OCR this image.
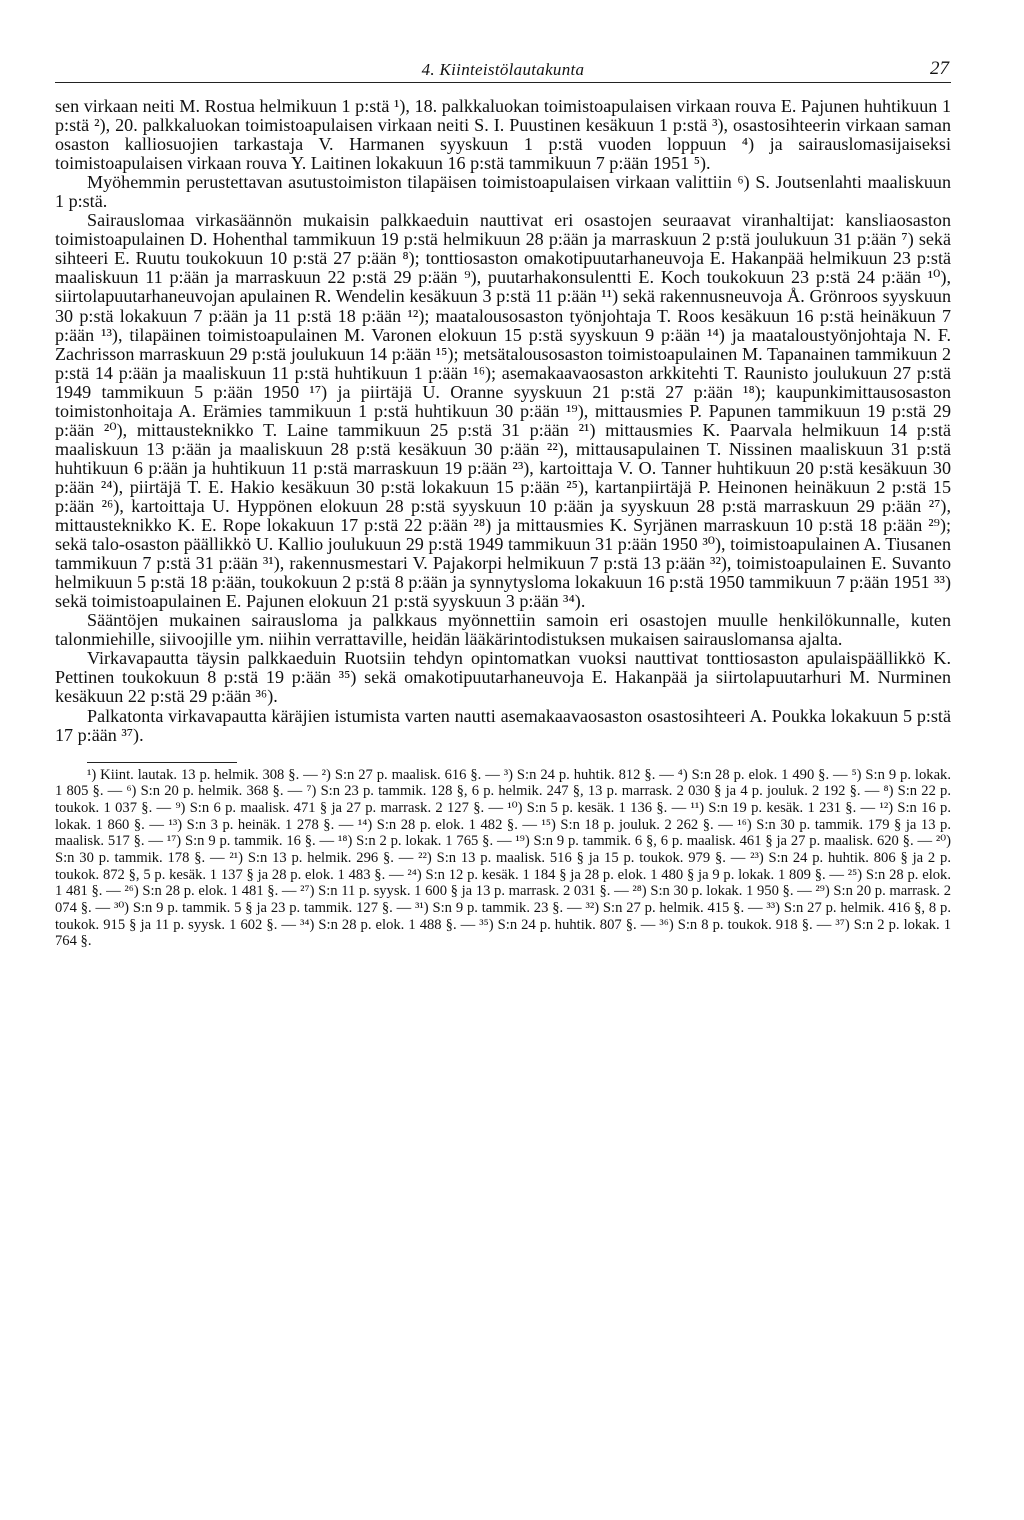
4. Kiinteistölautakunta	27

sen virkaan neiti M. Rostua helmikuun 1 p:stä ¹), 18. palkkaluokan toimistoapulaisen virkaan rouva E. Pajunen huhtikuun 1 p:stä ²), 20. palkkaluokan toimistoapulaisen virkaan neiti S. I. Puustinen kesäkuun 1 p:stä ³), osastosihteerin virkaan saman osaston kalliosuojien tarkastaja V. Harmanen syyskuun 1 p:stä vuoden loppuun ⁴) ja sairauslomasijaiseksi toimistoapulaisen virkaan rouva Y. Laitinen lokakuun 16 p:stä tammikuun 7 p:ään 1951 ⁵).

Myöhemmin perustettavan asutustoimiston tilapäisen toimistoapulaisen virkaan valittiin ⁶) S. Joutsenlahti maaliskuun 1 p:stä.

Sairauslomaa virkasäännön mukaisin palkkaeduin nauttivat eri osastojen seuraavat viranhaltijat: kansliaosaston toimistoapulainen D. Hohenthal tammikuun 19 p:stä helmikuun 28 p:ään ja marraskuun 2 p:stä joulukuun 31 p:ään ⁷) sekä sihteeri E. Ruutu toukokuun 10 p:stä 27 p:ään ⁸); tonttiosaston omakotipuutarhaneuvoja E. Hakanpää helmikuun 23 p:stä maaliskuun 11 p:ään ja marraskuun 22 p:stä 29 p:ään ⁹), puutarhakonsulentti E. Koch toukokuun 23 p:stä 24 p:ään ¹⁰), siirtolapuutarhaneuvojan apulainen R. Wendelin kesäkuun 3 p:stä 11 p:ään ¹¹) sekä rakennusneuvoja Å. Grönroos syyskuun 30 p:stä lokakuun 7 p:ään ja 11 p:stä 18 p:ään ¹²); maatalousosaston työnjohtaja T. Roos kesäkuun 16 p:stä heinäkuun 7 p:ään ¹³), tilapäinen toimistoapulainen M. Varonen elokuun 15 p:stä syyskuun 9 p:ään ¹⁴) ja maataloustyönjohtaja N. F. Zachrisson marraskuun 29 p:stä joulukuun 14 p:ään ¹⁵); metsätalousosaston toimistoapulainen M. Tapanainen tammikuun 2 p:stä 14 p:ään ja maaliskuun 11 p:stä huhtikuun 1 p:ään ¹⁶); asemakaavaosaston arkkitehti T. Raunisto joulukuun 27 p:stä 1949 tammikuun 5 p:ään 1950 ¹⁷) ja piirtäjä U. Oranne syyskuun 21 p:stä 27 p:ään ¹⁸); kaupunkimittausosaston toimistonhoitaja A. Erämies tammikuun 1 p:stä huhtikuun 30 p:ään ¹⁹), mittausmies P. Papunen tammikuun 19 p:stä 29 p:ään ²⁰), mittausteknikko T. Laine tammikuun 25 p:stä 31 p:ään ²¹) mittausmies K. Paarvala helmikuun 14 p:stä maaliskuun 13 p:ään ja maaliskuun 28 p:stä kesäkuun 30 p:ään ²²), mittausapulainen T. Nissinen maaliskuun 31 p:stä huhtikuun 6 p:ään ja huhtikuun 11 p:stä marraskuun 19 p:ään ²³), kartoittaja V. O. Tanner huhtikuun 20 p:stä kesäkuun 30 p:ään ²⁴), piirtäjä T. E. Hakio kesäkuun 30 p:stä lokakuun 15 p:ään ²⁵), kartanpiirtäjä P. Heinonen heinäkuun 2 p:stä 15 p:ään ²⁶), kartoittaja U. Hyppönen elokuun 28 p:stä syyskuun 10 p:ään ja syyskuun 28 p:stä marraskuun 29 p:ään ²⁷), mittausteknikko K. E. Rope lokakuun 17 p:stä 22 p:ään ²⁸) ja mittausmies K. Syrjänen marraskuun 10 p:stä 18 p:ään ²⁹); sekä talo-osaston päällikkö U. Kallio joulukuun 29 p:stä 1949 tammikuun 31 p:ään 1950 ³⁰), toimistoapulainen A. Tiusanen tammikuun 7 p:stä 31 p:ään ³¹), rakennusmestari V. Pajakorpi helmikuun 7 p:stä 13 p:ään ³²), toimistoapulainen E. Suvanto helmikuun 5 p:stä 18 p:ään, toukokuun 2 p:stä 8 p:ään ja synnytysloma lokakuun 16 p:stä 1950 tammikuun 7 p:ään 1951 ³³) sekä toimistoapulainen E. Pajunen elokuun 21 p:stä syyskuun 3 p:ään ³⁴).

Sääntöjen mukainen sairausloma ja palkkaus myönnettiin samoin eri osastojen muulle henkilökunnalle, kuten talonmiehille, siivoojille ym. niihin verrattaville, heidän lääkärintodistuksen mukaisen sairauslomansa ajalta.

Virkavapautta täysin palkkaeduin Ruotsiin tehdyn opintomatkan vuoksi nauttivat tonttiosaston apulaispäällikkö K. Pettinen toukokuun 8 p:stä 19 p:ään ³⁵) sekä omakotipuutarhaneuvoja E. Hakanpää ja siirtolapuutarhuri M. Nurminen kesäkuun 22 p:stä 29 p:ään ³⁶).

Palkatonta virkavapautta käräjien istumista varten nautti asemakaavaosaston osastosihteeri A. Poukka lokakuun 5 p:stä 17 p:ään ³⁷).

¹) Kiint. lautak. 13 p. helmik. 308 §. — ²) S:n 27 p. maalisk. 616 §. — ³) S:n 24 p. huhtik. 812 §. — ⁴) S:n 28 p. elok. 1 490 §. — ⁵) S:n 9 p. lokak. 1 805 §. — ⁶) S:n 20 p. helmik. 368 §. — ⁷) S:n 23 p. tammik. 128 §, 6 p. helmik. 247 §, 13 p. marrask. 2 030 § ja 4 p. jouluk. 2 192 §. — ⁸) S:n 22 p. toukok. 1 037 §. — ⁹) S:n 6 p. maalisk. 471 § ja 27 p. marrask. 2 127 §. — ¹⁰) S:n 5 p. kesäk. 1 136 §. — ¹¹) S:n 19 p. kesäk. 1 231 §. — ¹²) S:n 16 p. lokak. 1 860 §. — ¹³) S:n 3 p. heinäk. 1 278 §. — ¹⁴) S:n 28 p. elok. 1 482 §. — ¹⁵) S:n 18 p. jouluk. 2 262 §. — ¹⁶) S:n 30 p. tammik. 179 § ja 13 p. maalisk. 517 §. — ¹⁷) S:n 9 p. tammik. 16 §. — ¹⁸) S:n 2 p. lokak. 1 765 §. — ¹⁹) S:n 9 p. tammik. 6 §, 6 p. maalisk. 461 § ja 27 p. maalisk. 620 §. — ²⁰) S:n 30 p. tammik. 178 §. — ²¹) S:n 13 p. helmik. 296 §. — ²²) S:n 13 p. maalisk. 516 § ja 15 p. toukok. 979 §. — ²³) S:n 24 p. huhtik. 806 § ja 2 p. toukok. 872 §, 5 p. kesäk. 1 137 § ja 28 p. elok. 1 483 §. — ²⁴) S:n 12 p. kesäk. 1 184 § ja 28 p. elok. 1 480 § ja 9 p. lokak. 1 809 §. — ²⁵) S:n 28 p. elok. 1 481 §. — ²⁶) S:n 28 p. elok. 1 481 §. — ²⁷) S:n 11 p. syysk. 1 600 § ja 13 p. marrask. 2 031 §. — ²⁸) S:n 30 p. lokak. 1 950 §. — ²⁹) S:n 20 p. marrask. 2 074 §. — ³⁰) S:n 9 p. tammik. 5 § ja 23 p. tammik. 127 §. — ³¹) S:n 9 p. tammik. 23 §. — ³²) S:n 27 p. helmik. 415 §. — ³³) S:n 27 p. helmik. 416 §, 8 p. toukok. 915 § ja 11 p. syysk. 1 602 §. — ³⁴) S:n 28 p. elok. 1 488 §. — ³⁵) S:n 24 p. huhtik. 807 §. — ³⁶) S:n 8 p. toukok. 918 §. — ³⁷) S:n 2 p. lokak. 1 764 §.
